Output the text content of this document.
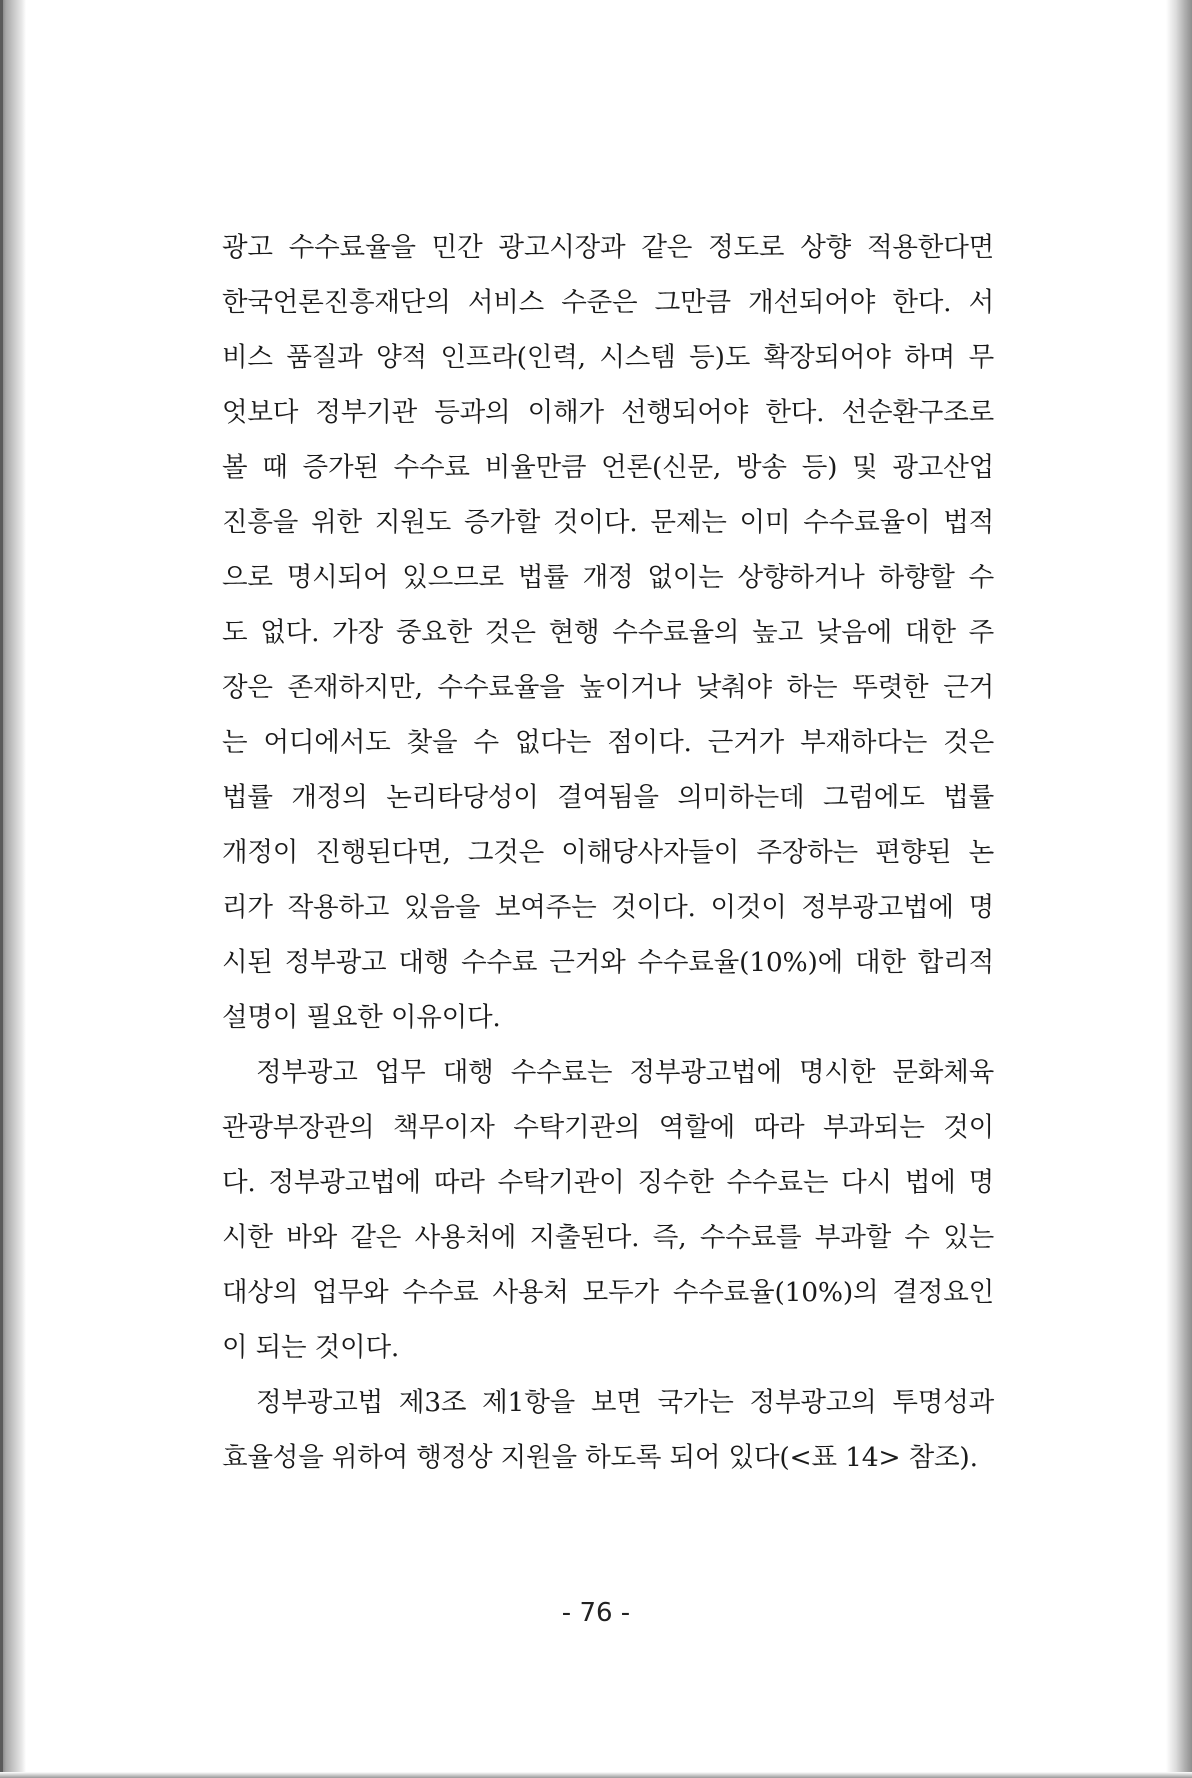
광고 수수료율을 민간 광고시장과 같은 정도로 상향 적용한다면
한국언론진흥재단의 서비스 수준은 그만큼 개선되어야 한다. 서
비스 품질과 양적 인프라(인력, 시스템 등)도 확장되어야 하며 무
엇보다 정부기관 등과의 이해가 선행되어야 한다. 선순환구조로
볼 때 증가된 수수료 비율만큼 언론(신문, 방송 등) 및 광고산업
진흥을 위한 지원도 증가할 것이다. 문제는 이미 수수료율이 법적
으로 명시되어 있으므로 법률 개정 없이는 상향하거나 하향할 수
도 없다. 가장 중요한 것은 현행 수수료율의 높고 낮음에 대한 주
장은 존재하지만, 수수료율을 높이거나 낮춰야 하는 뚜렷한 근거
는 어디에서도 찾을 수 없다는 점이다. 근거가 부재하다는 것은
법률 개정의 논리타당성이 결여됨을 의미하는데 그럼에도 법률
개정이 진행된다면, 그것은 이해당사자들이 주장하는 편향된 논
리가 작용하고 있음을 보여주는 것이다. 이것이 정부광고법에 명
시된 정부광고 대행 수수료 근거와 수수료율(10%)에 대한 합리적
설명이 필요한 이유이다.
정부광고 업무 대행 수수료는 정부광고법에 명시한 문화체육
관광부장관의 책무이자 수탁기관의 역할에 따라 부과되는 것이
다. 정부광고법에 따라 수탁기관이 징수한 수수료는 다시 법에 명
시한 바와 같은 사용처에 지출된다. 즉, 수수료를 부과할 수 있는
대상의 업무와 수수료 사용처 모두가 수수료율(10%)의 결정요인
이 되는 것이다.
정부광고법 제3조 제1항을 보면 국가는 정부광고의 투명성과
효율성을 위하여 행정상 지원을 하도록 되어 있다(<표 14> 참조).
- 76 -
